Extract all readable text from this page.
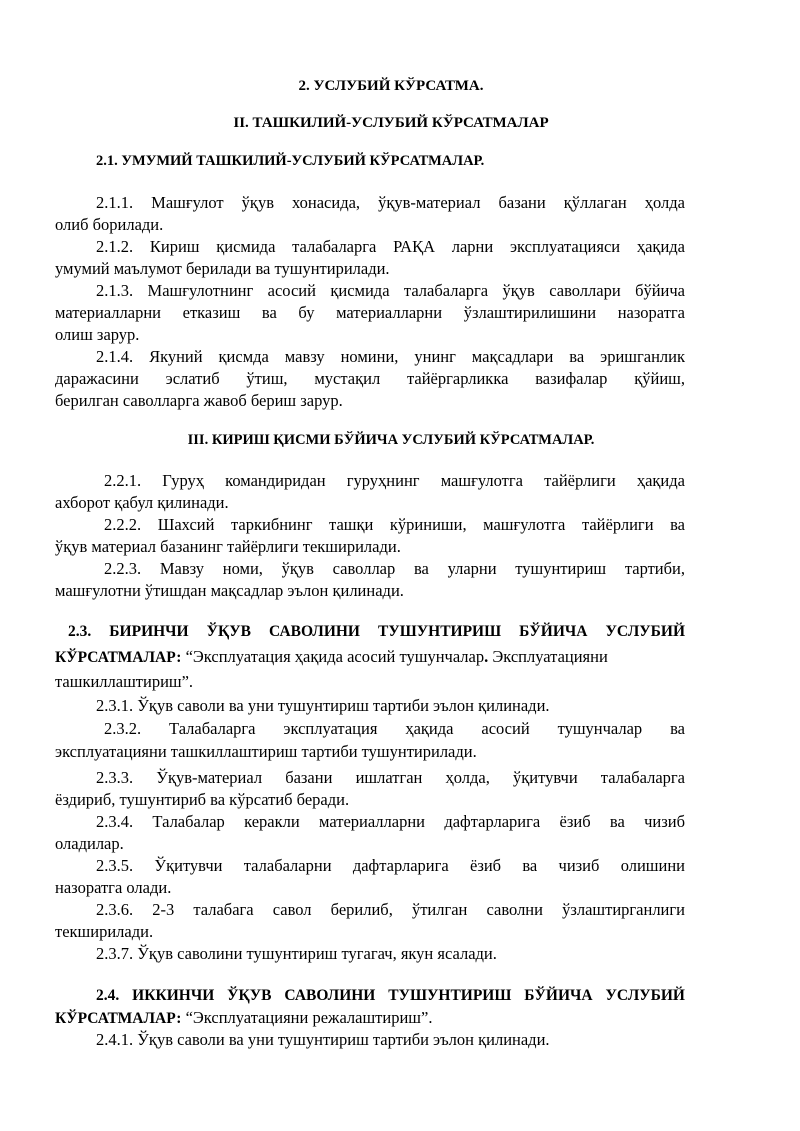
2. УСЛУБИЙ КЎРСАТМА.
II. ТАШКИЛИЙ-УСЛУБИЙ КЎРСАТМАЛАР
2.1. УМУМИЙ ТАШКИЛИЙ-УСЛУБИЙ КЎРСАТМАЛАР.
2.1.1. Машғулот ўқув хонасида, ўқув-материал базани қўллаган ҳолда
олиб борилади.
2.1.2. Кириш қисмида талабаларга РАҚА ларни эксплуатацияси ҳақида
умумий маълумот берилади ва тушунтирилади.
2.1.3. Машғулотнинг асосий қисмида талабаларга ўқув саволлари бўйича
материалларни етказиш ва бу материалларни ўзлаштирилишини назоратга
олиш зарур.
2.1.4. Якуний қисмда мавзу номини, унинг мақсадлари ва эришганлик
даражасини эслатиб ўтиш, мустақил тайёргарликка вазифалар қўйиш,
берилган саволларга жавоб бериш зарур.
III. КИРИШ ҚИСМИ БЎЙИЧА УСЛУБИЙ КЎРСАТМАЛАР.
2.2.1. Гуруҳ командиридан гуруҳнинг машғулотга тайёрлиги ҳақида
ахборот қабул қилинади.
2.2.2. Шахсий таркибнинг ташқи кўриниши, машғулотга тайёрлиги ва
ўқув материал базанинг тайёрлиги текширилади.
2.2.3. Мавзу номи, ўқув саволлар ва уларни тушунтириш тартиби,
машғулотни ўтишдан мақсадлар эълон қилинади.
2.3. БИРИНЧИ ЎҚУВ САВОЛИНИ ТУШУНТИРИШ БЎЙИЧА УСЛУБИЙ
КЎРСАТМАЛАР: “Эксплуатация ҳақида асосий тушунчалар. Эксплуатацияни
ташкиллаштириш”.
2.3.1. Ўқув саволи ва уни тушунтириш тартиби эълон қилинади.
2.3.2. Талабаларга эксплуатация ҳақида асосий тушунчалар ва
эксплуатацияни ташкиллаштириш тартиби тушунтирилади.
2.3.3. Ўқув-материал базани ишлатган ҳолда, ўқитувчи талабаларга
ёздириб, тушунтириб ва кўрсатиб беради.
2.3.4. Талабалар керакли материалларни дафтарларига ёзиб ва чизиб
оладилар.
2.3.5. Ўқитувчи талабаларни дафтарларига ёзиб ва чизиб олишини
назоратга олади.
2.3.6. 2-3 талабага савол берилиб, ўтилган саволни ўзлаштирганлиги
текширилади.
2.3.7. Ўқув саволини тушунтириш тугагач, якун ясалади.
2.4. ИККИНЧИ ЎҚУВ САВОЛИНИ ТУШУНТИРИШ БЎЙИЧА УСЛУБИЙ
КЎРСАТМАЛАР: “Эксплуатацияни режалаштириш”.
2.4.1. Ўқув саволи ва уни тушунтириш тартиби эълон қилинади.
